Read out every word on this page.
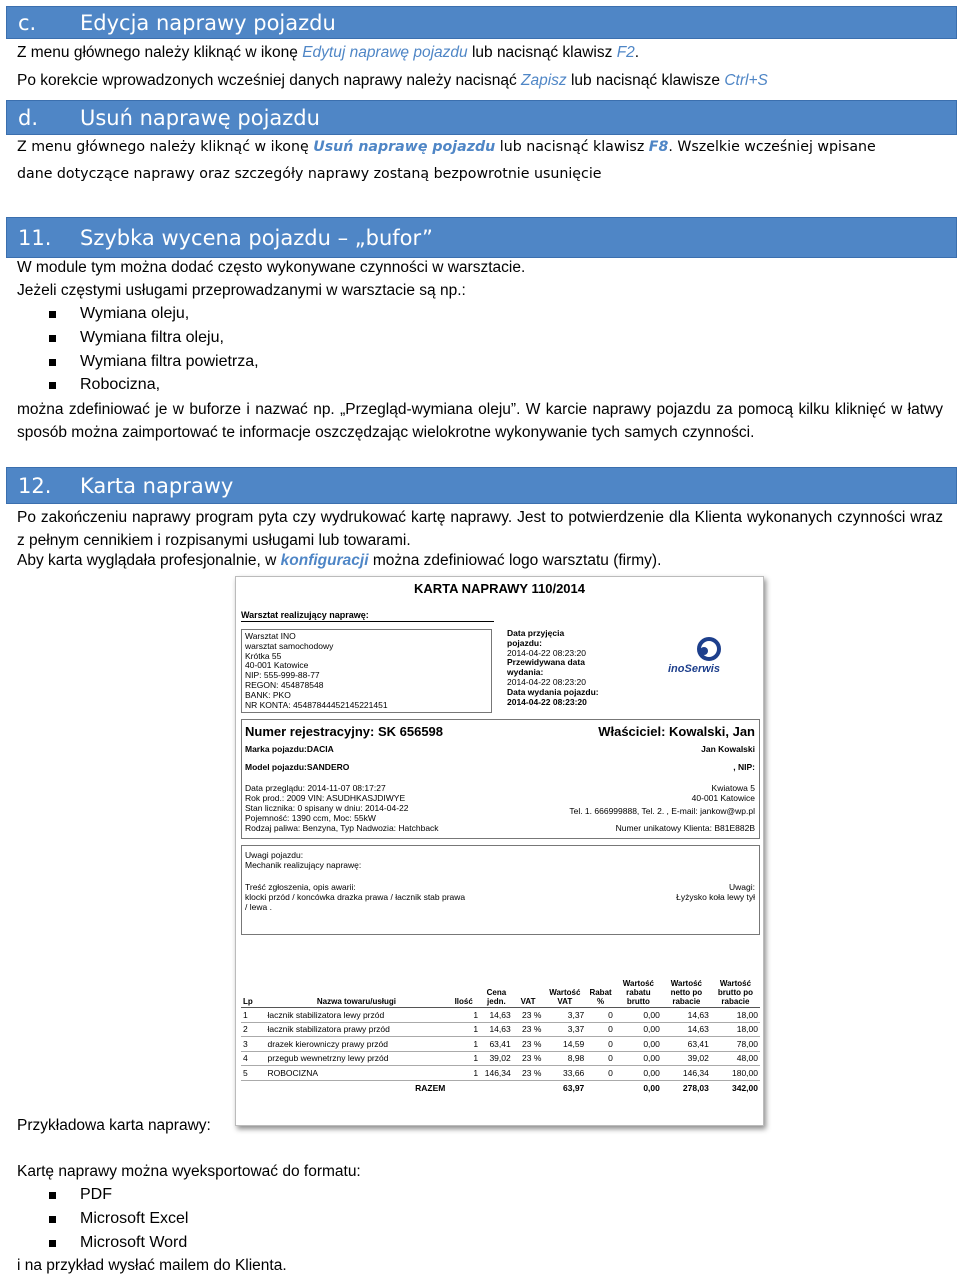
c.	Edycja naprawy pojazdu
Z menu głównego należy kliknąć w ikonę Edytuj naprawę pojazdu lub nacisnąć klawisz F2.
Po korekcie wprowadzonych wcześniej danych naprawy należy nacisnąć Zapisz lub nacisnąć klawisze Ctrl+S
d.	Usuń naprawę pojazdu
Z menu głównego należy kliknąć w ikonę Usuń naprawę pojazdu lub nacisnąć klawisz F8. Wszelkie wcześniej wpisane
dane dotyczące naprawy oraz szczegóły naprawy zostaną bezpowrotnie usunięcie
11.	Szybka wycena pojazdu – „bufor”
W module tym można dodać często wykonywane czynności w warsztacie.
Jeżeli częstymi usługami przeprowadzanymi w warsztacie są np.:
Wymiana oleju,
Wymiana filtra oleju,
Wymiana filtra powietrza,
Robocizna,
można zdefiniować je w buforze i nazwać np. „Przegląd-wymiana oleju”. W karcie naprawy pojazdu za pomocą kilku kliknięć w łatwy sposób można zaimportować te informacje oszczędzając wielokrotne wykonywanie tych samych czynności.
12.	Karta naprawy
Po zakończeniu naprawy program pyta czy wydrukować kartę naprawy. Jest to potwierdzenie dla Klienta wykonanych czynności wraz z pełnym cennikiem i rozpisanymi usługami lub towarami.
Aby karta wyglądała profesjonalnie, w konfiguracji można zdefiniować logo warsztatu (firmy).
KARTA NAPRAWY 110/2014
Warsztat realizujący naprawę:
Warsztat INO
warsztat samochodowy
Krótka 55
40-001 Katowice
NIP: 555-999-88-77
REGON: 454878548
BANK: PKO
NR KONTA: 45487844452145221451
Data przyjęcia pojazdu:
2014-04-22 08:23:20
Przewidywana data wydania:
2014-04-22 08:23:20
Data wydania pojazdu:
2014-04-22 08:23:20
inoSerwis
Numer rejestracyjny: SK 656598	Właściciel: Kowalski, Jan
Marka pojazdu:DACIA	Jan Kowalski
Model pojazdu:SANDERO	, NIP:
Data przeglądu: 2014-11-07 08:17:27	Kwiatowa 5
Rok prod.: 2009 VIN: ASUDHKASJDIWYE	40-001 Katowice
Stan licznika: 0 spisany w dniu: 2014-04-22	Tel. 1. 666999888, Tel. 2. , E-mail: jankow@wp.pl
Pojemność: 1390 ccm, Moc: 55kW
Rodzaj paliwa: Benzyna, Typ Nadwozia: Hatchback	Numer unikatowy Klienta: B81E882B
Uwagi pojazdu:
Mechanik realizujący naprawę:
Treść zgłoszenia, opis awarii:
klocki przód / koncówka drazka prawa / łacznik stab prawa
/ lewa .
Uwagi:
Łyżysko koła lewy tył
Lp	Nazwa towaru/usługi	Ilość	Cena jedn.	VAT	Wartość VAT	Rabat %	Wartość rabatu brutto	Wartość netto po rabacie	Wartość brutto po rabacie
1	łacznik stabilizatora lewy przód	1	14,63	23 %	3,37	0	0,00	14,63	18,00
2	łacznik stabilizatora prawy przód	1	14,63	23 %	3,37	0	0,00	14,63	18,00
3	drazek kierowniczy prawy przód	1	63,41	23 %	14,59	0	0,00	63,41	78,00
4	przegub wewnetrzny lewy przód	1	39,02	23 %	8,98	0	0,00	39,02	48,00
5	ROBOCIZNA	1	146,34	23 %	33,66	0	0,00	146,34	180,00
	RAZEM				63,97		0,00	278,03	342,00
Przykładowa karta naprawy:
Kartę naprawy można wyeksportować do formatu:
PDF
Microsoft Excel
Microsoft Word
i na przykład wysłać mailem do Klienta.
